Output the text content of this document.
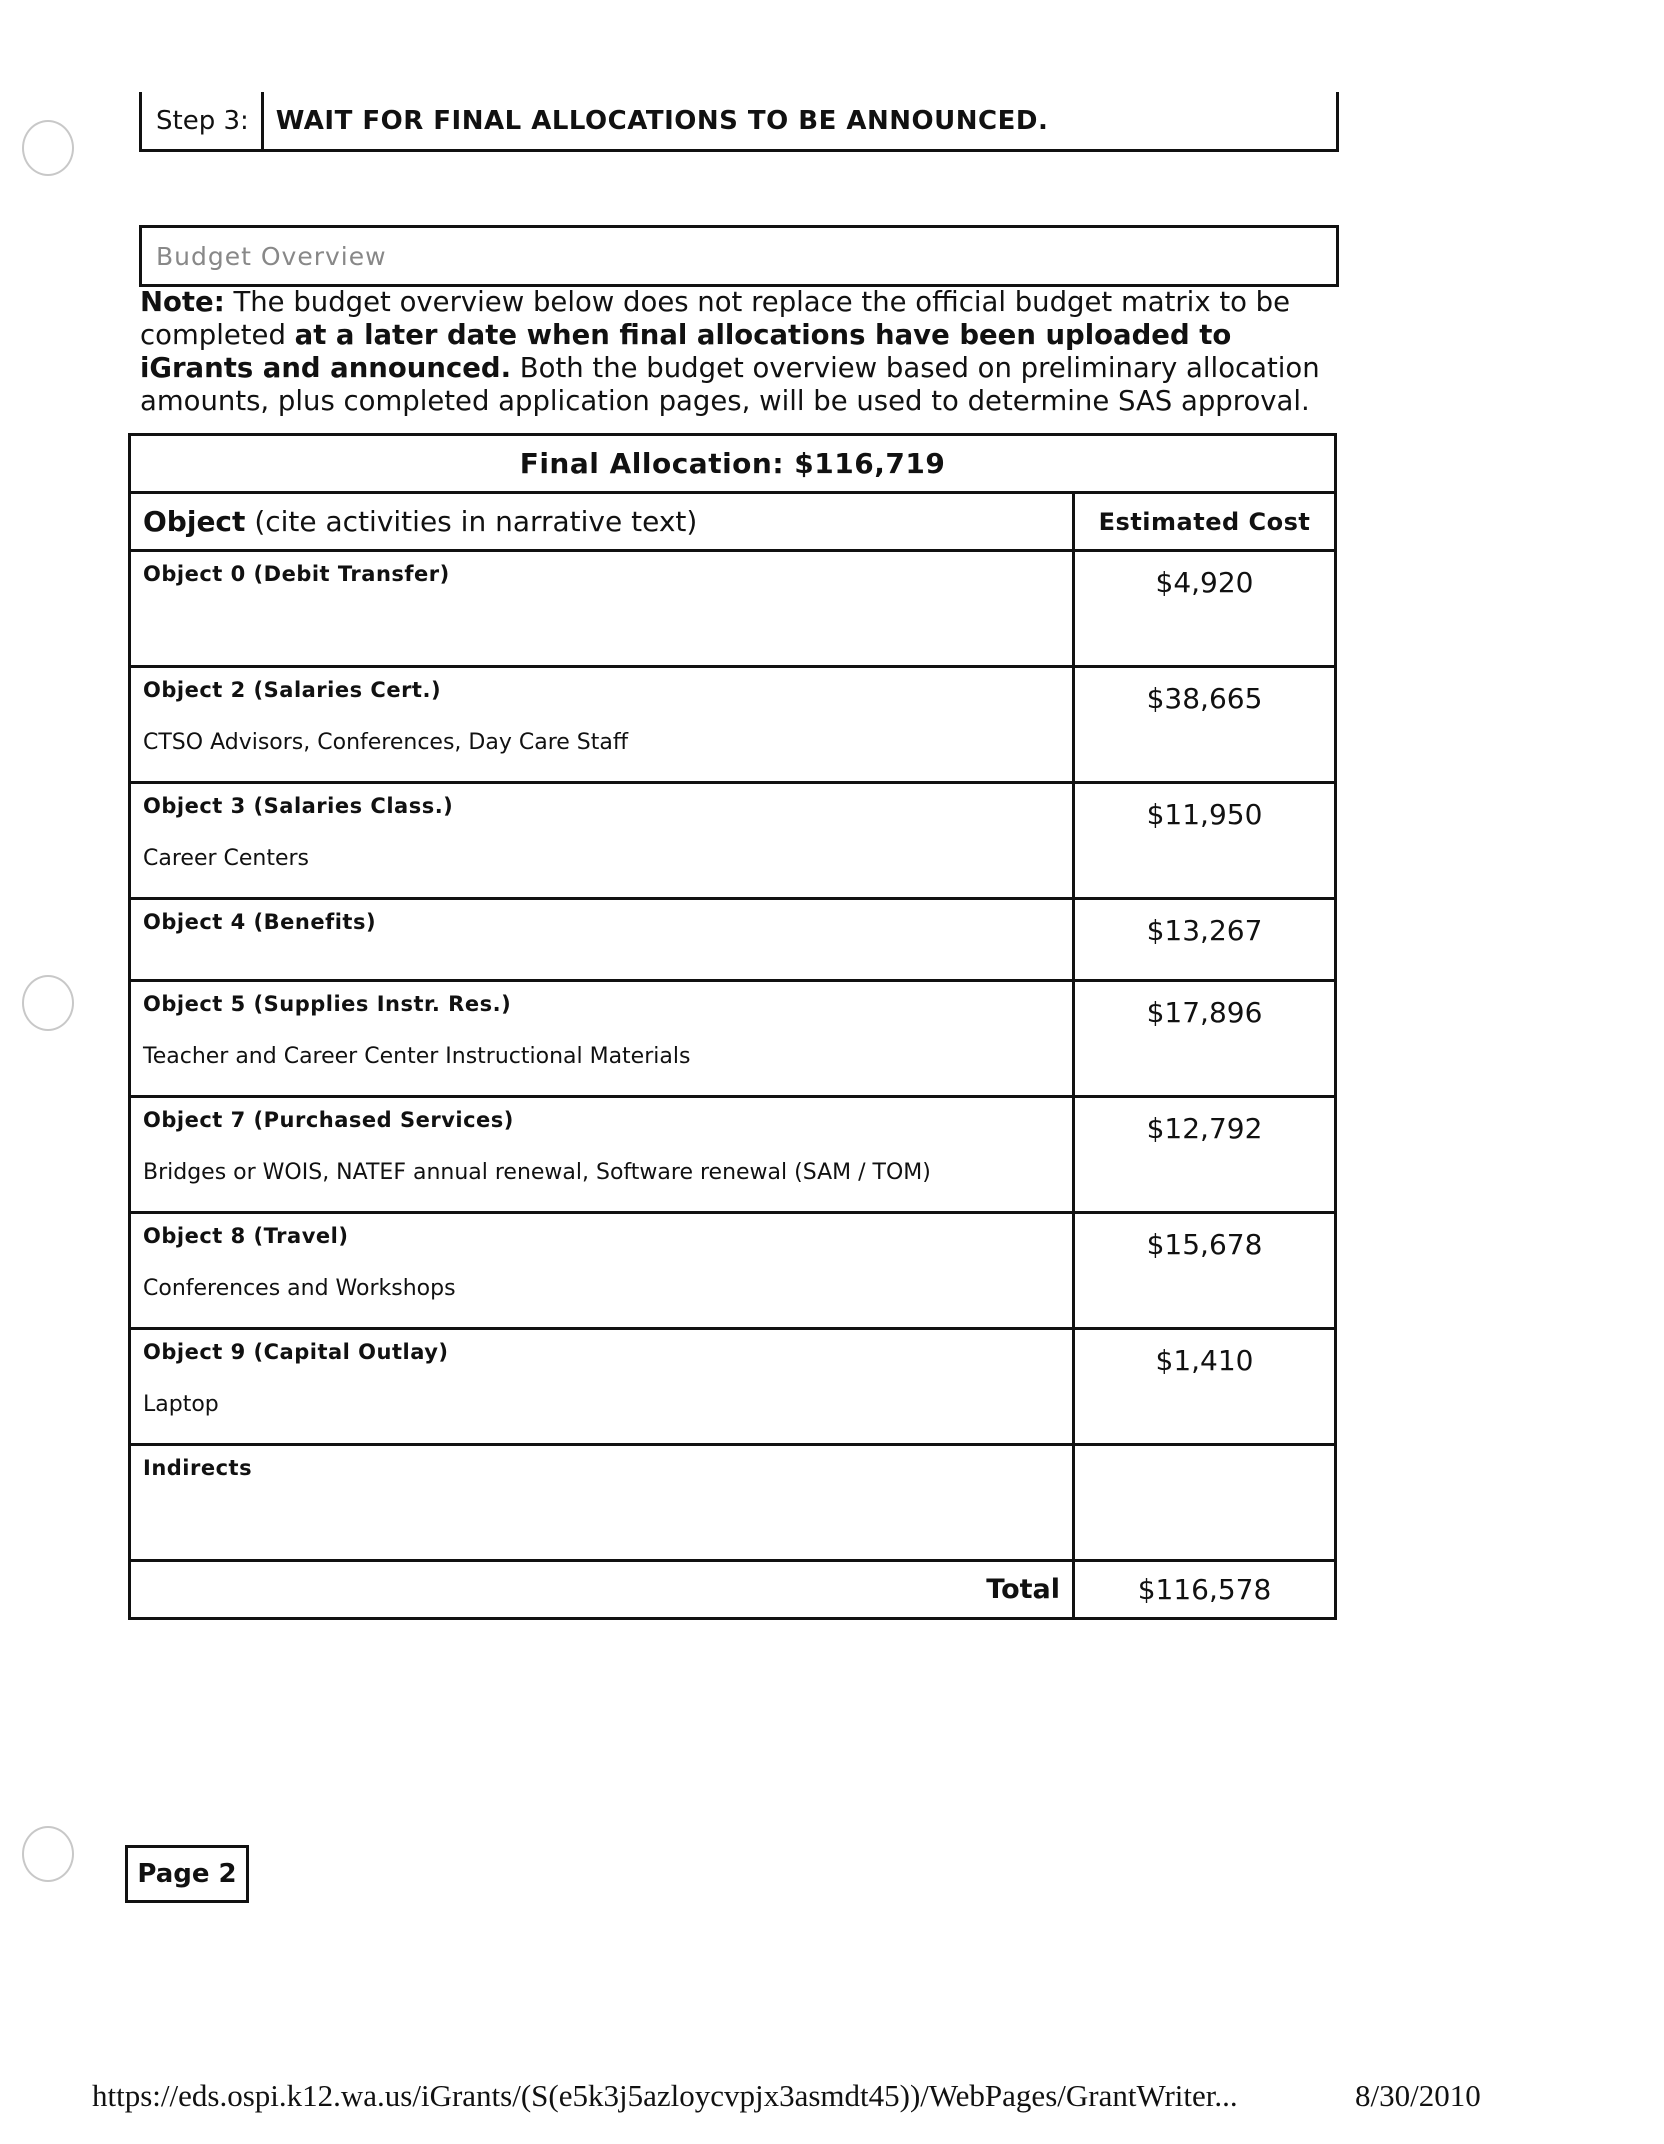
Step 3:	WAIT FOR FINAL ALLOCATIONS TO BE ANNOUNCED.
Budget Overview
Note: The budget overview below does not replace the official budget matrix to be completed at a later date when final allocations have been uploaded to iGrants and announced. Both the budget overview based on preliminary allocation amounts, plus completed application pages, will be used to determine SAS approval.
Final Allocation: $116,719	
Object (cite activities in narrative text)	Estimated Cost

Object 0 (Debit Transfer)	$4,920

Object 2 (Salaries Cert.)
CTSO Advisors, Conferences, Day Care Staff	$38,665

Object 3 (Salaries Class.)
Career Centers	$11,950

Object 4 (Benefits)	$13,267

Object 5 (Supplies Instr. Res.)
Teacher and Career Center Instructional Materials	$17,896

Object 7 (Purchased Services)
Bridges or WOIS, NATEF annual renewal, Software renewal (SAM / TOM)	$12,792

Object 8 (Travel)
Conferences and Workshops	$15,678

Object 9 (Capital Outlay)
Laptop	$1,410

Indirects	

Total	$116,578
Page 2
https://eds.ospi.k12.wa.us/iGrants/(S(e5k3j5azloycvpjx3asmdt45))/WebPages/GrantWriter...	8/30/2010
